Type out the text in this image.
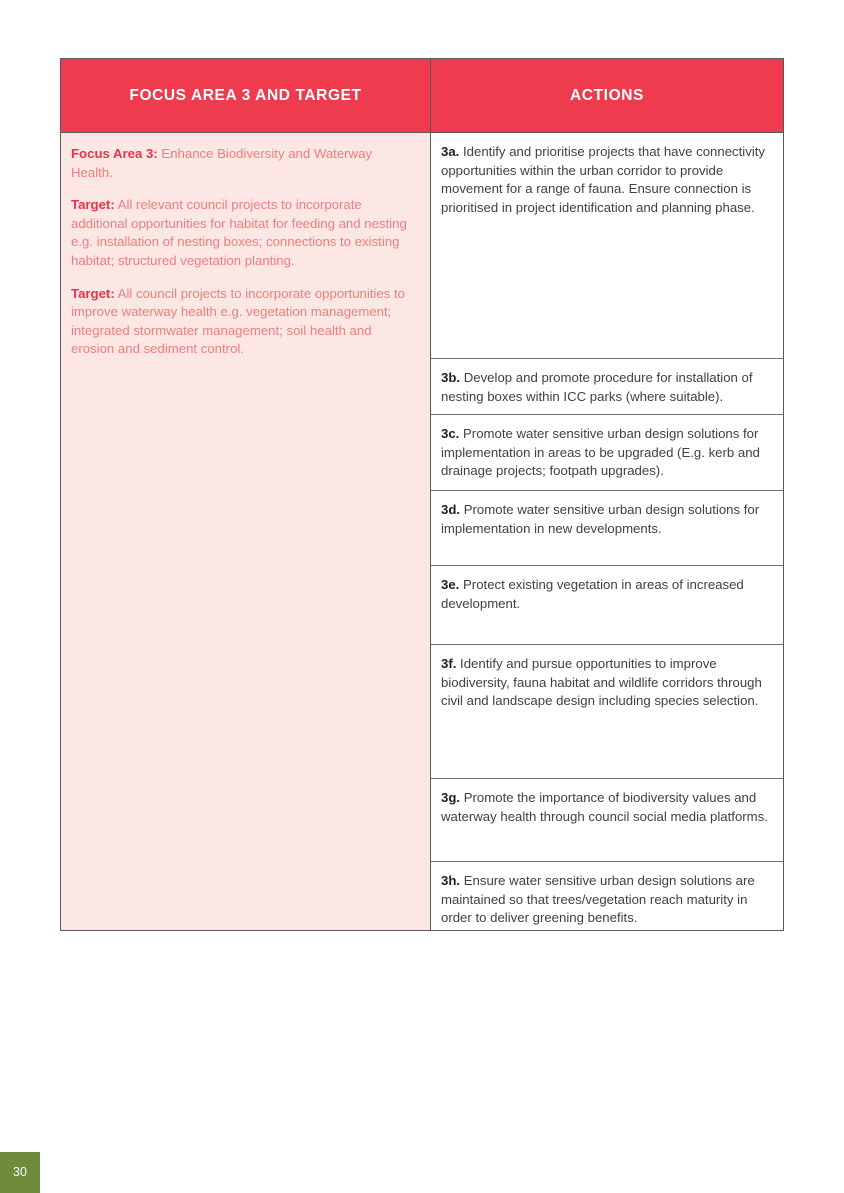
FOCUS AREA 3 AND TARGET

Focus Area 3: Enhance Biodiversity and Waterway Health.

Target: All relevant council projects to incorporate additional opportunities for habitat for feeding and nesting e.g. installation of nesting boxes; connections to existing habitat; structured vegetation planting.

Target: All council projects to incorporate opportunities to improve waterway health e.g. vegetation management; integrated stormwater management; soil health and erosion and sediment control.

ACTIONS
3a. Identify and prioritise projects that have connectivity opportunities within the urban corridor to provide movement for a range of fauna. Ensure connection is prioritised in project identification and planning phase.
3b. Develop and promote procedure for installation of nesting boxes within ICC parks (where suitable).
3c. Promote water sensitive urban design solutions for implementation in areas to be upgraded (E.g. kerb and drainage projects; footpath upgrades).
3d. Promote water sensitive urban design solutions for implementation in new developments.
3e. Protect existing vegetation in areas of increased development.
3f. Identify and pursue opportunities to improve biodiversity, fauna habitat and wildlife corridors through civil and landscape design including species selection.
3g. Promote the importance of biodiversity values and waterway health through council social media platforms.
3h. Ensure water sensitive urban design solutions are maintained so that trees/vegetation reach maturity in order to deliver greening benefits.
30
